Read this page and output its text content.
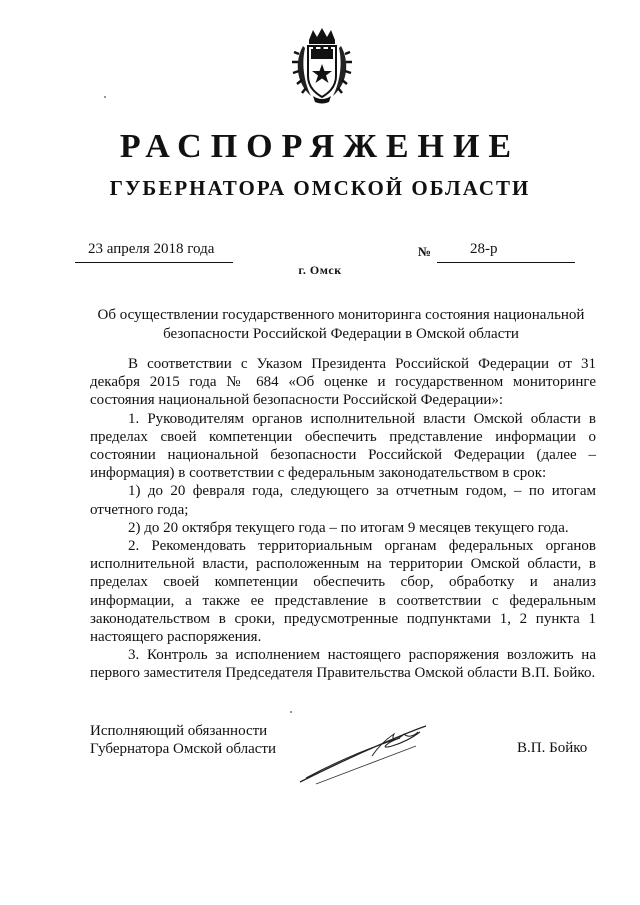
РАСПОРЯЖЕНИЕ
ГУБЕРНАТОРА ОМСКОЙ ОБЛАСТИ
23 апреля 2018 года	№	28-р
г. Омск
Об осуществлении государственного мониторинга состояния национальной безопасности Российской Федерации в Омской области

В соответствии с Указом Президента Российской Федерации от 31 декабря 2015 года № 684 «Об оценке и государственном мониторинге состояния национальной безопасности Российской Федерации»:

1. Руководителям органов исполнительной власти Омской области в пределах своей компетенции обеспечить представление информации о состоянии национальной безопасности Российской Федерации (далее – информация) в соответствии с федеральным законодательством в срок:

1) до 20 февраля года, следующего за отчетным годом, – по итогам отчетного года;

2) до 20 октября текущего года – по итогам 9 месяцев текущего года.

2. Рекомендовать территориальным органам федеральных органов исполнительной власти, расположенным на территории Омской области, в пределах своей компетенции обеспечить сбор, обработку и анализ информации, а также ее представление в соответствии с федеральным законодательством в сроки, предусмотренные подпунктами 1, 2 пункта 1 настоящего распоряжения.

3. Контроль за исполнением настоящего распоряжения возложить на первого заместителя Председателя Правительства Омской области В.П. Бойко.

Исполняющий обязанности
Губернатора Омской области	В.П. Бойко
